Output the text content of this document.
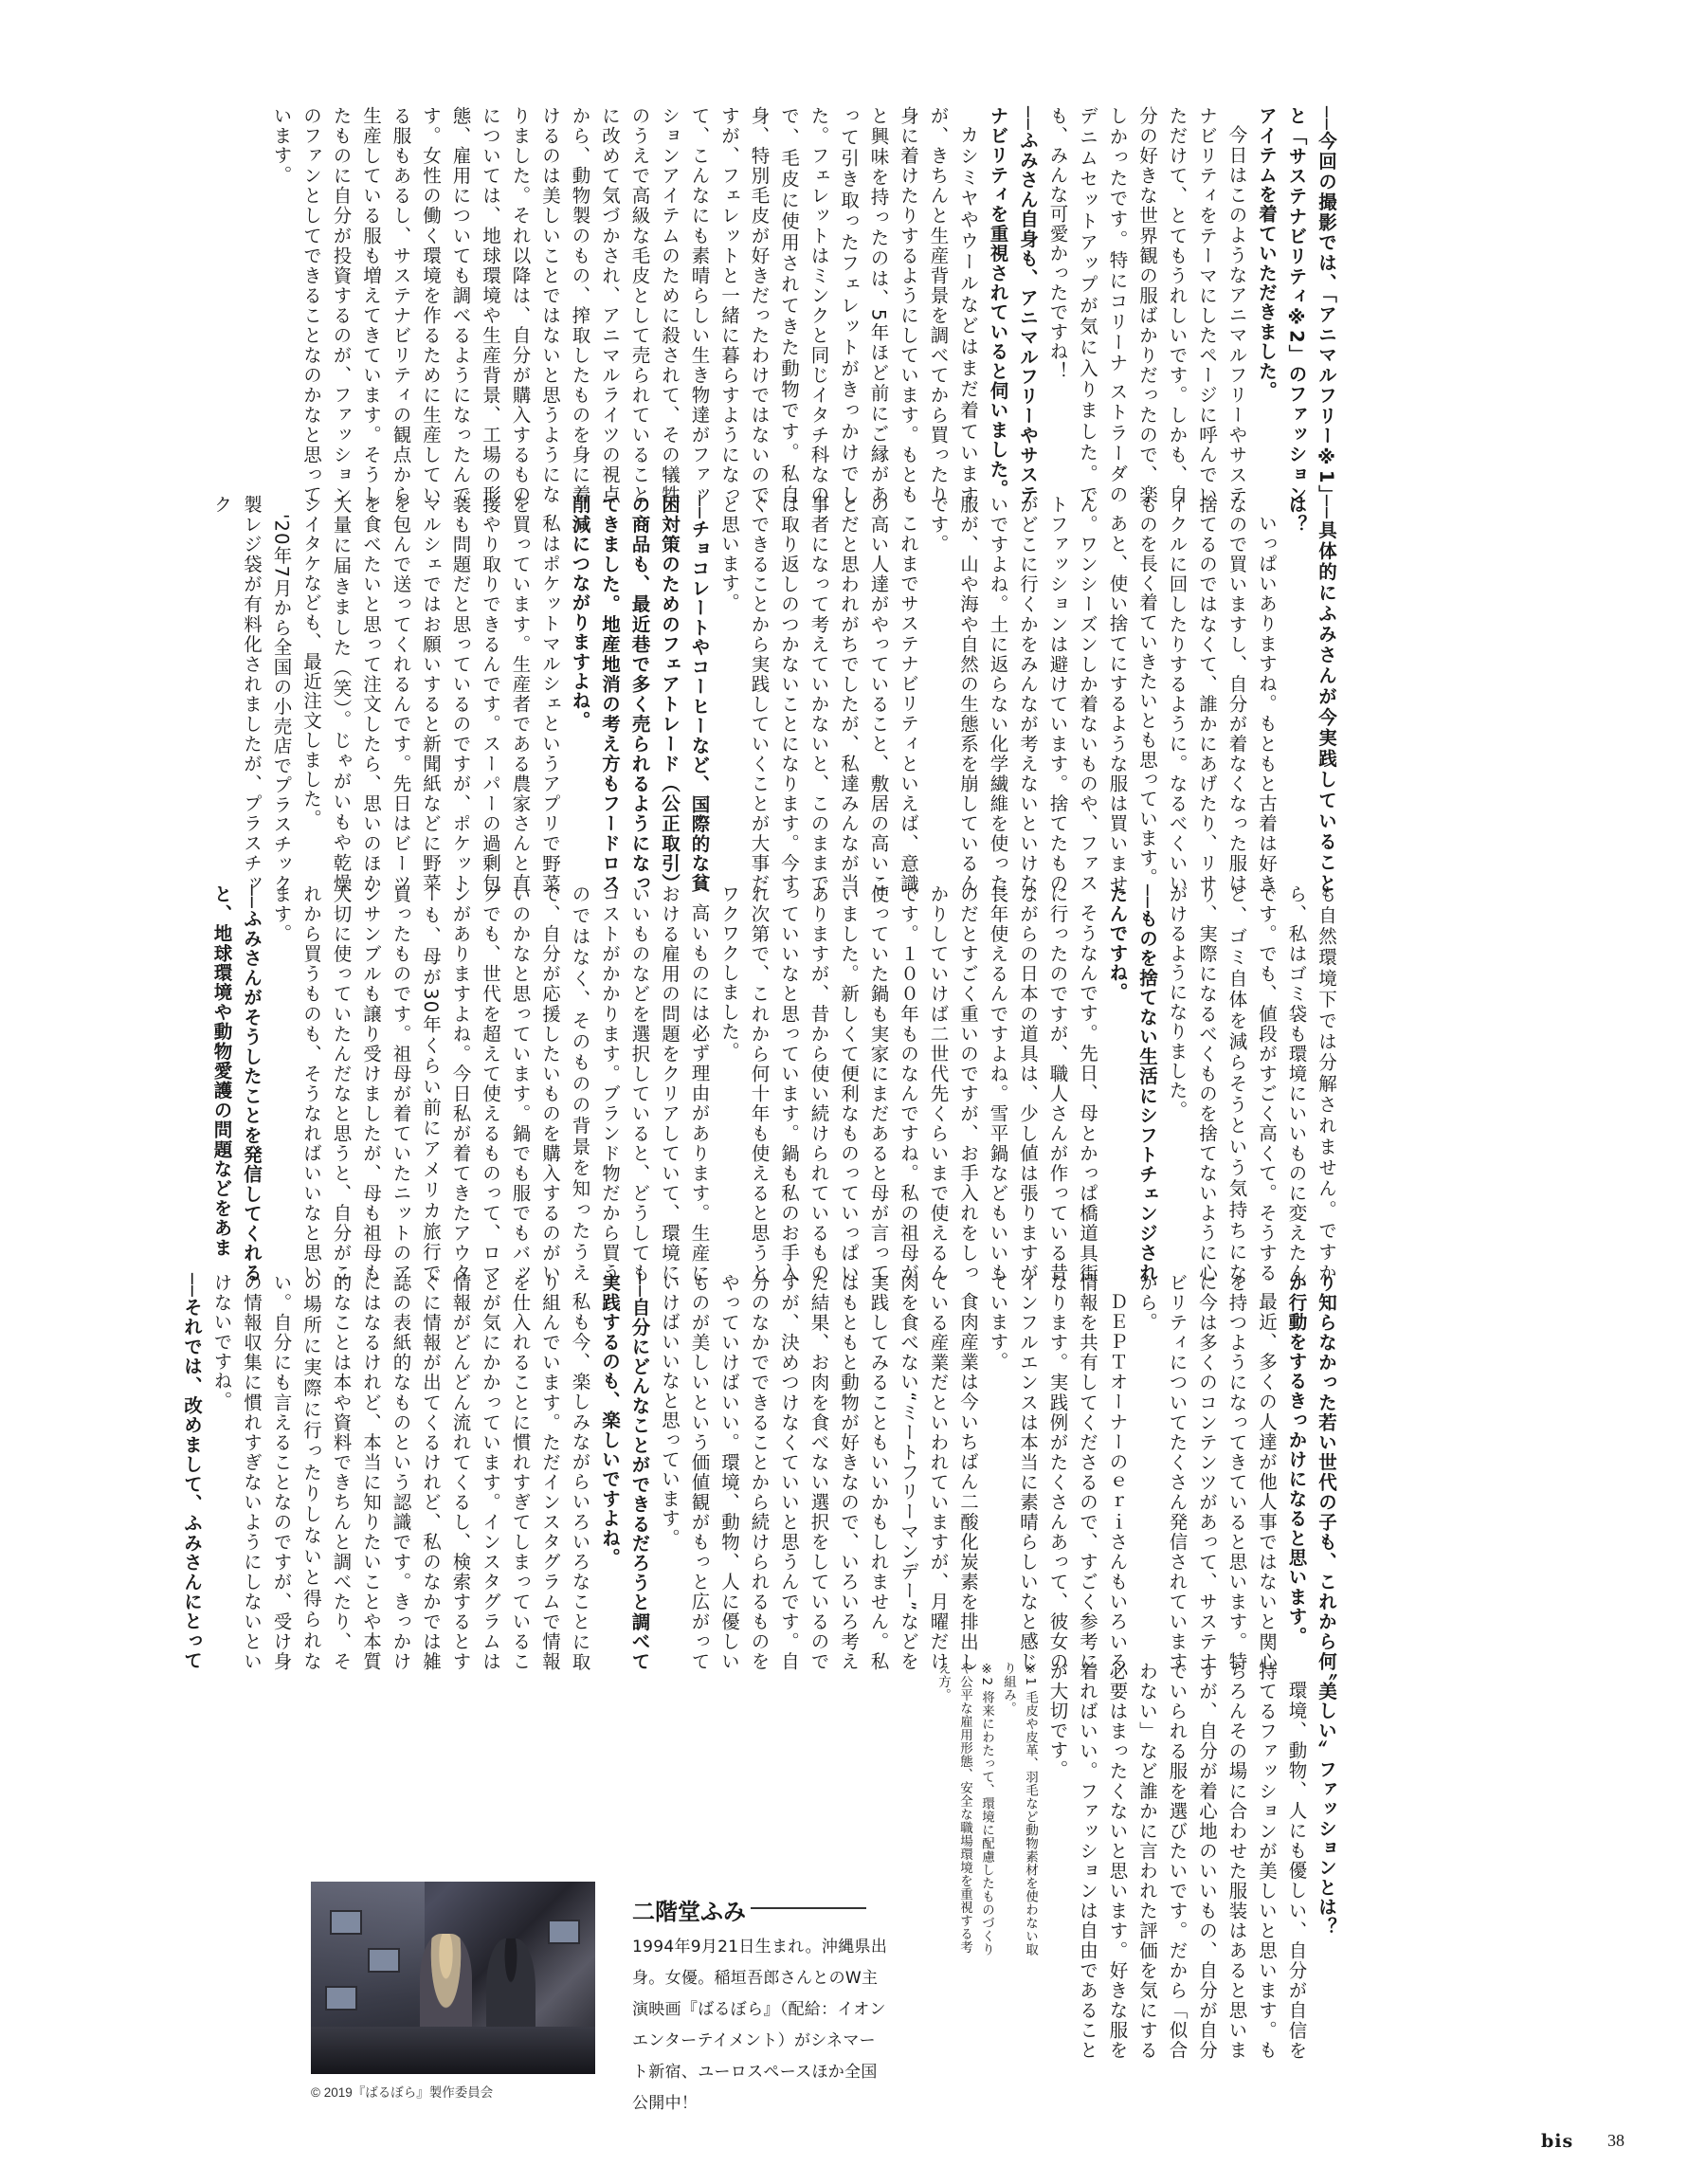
──今回の撮影では、「アニマルフリー※1」と「サステナビリティ※2」のファッションアイテムを着ていただきました。

今日はこのようなアニマルフリーやサステナビリティをテーマにしたページに呼んでいただけて、とてもうれしいです。しかも、自分の好きな世界観の服ばかりだったので、楽しかったです。特にコリーナ ストラーダのデニムセットアップが気に入りました。でも、みんな可愛かったですね！

──ふみさん自身も、アニマルフリーやサステナビリティを重視されていると伺いました。

カシミヤやウールなどはまだ着ていますが、きちんと生産背景を調べてから買ったり身に着けたりするようにしています。もともと興味を持ったのは、5年ほど前にご縁があって引き取ったフェレットがきっかけでした。フェレットはミンクと同じイタチ科なので、毛皮に使用されてきた動物です。私自身、特別毛皮が好きだったわけではないのですが、フェレットと一緒に暮らすようになって、こんなにも素晴らしい生き物達がファッションアイテムのために殺されて、その犠牲のうえで高級な毛皮として売られていることに改めて気づかされ、アニマルライツの視点から、動物製のもの、搾取したものを身に着けるのは美しいことではないと思うようになりました。それ以降は、自分が購入するものについては、地球環境や生産背景、工場の形態、雇用についても調べるようになったんです。女性の働く環境を作るために生産している服もあるし、サステナビリティの観点から生産している服も増えてきています。そうしたものに自分が投資するのが、ファッションのファンとしてできることなのかなと思っています。

──具体的にふみさんが今実践していることは？

いっぱいありますね。もともと古着は好きなので買いますし、自分が着なくなった服は捨てるのではなくて、誰かにあげたり、リサイクルに回したりするように。なるべくいいものを長く着ていきたいとも思っています。

あと、使い捨てにするような服は買いません。ワンシーズンしか着ないものや、ファストファッションは避けています。捨てたものがどこに行くかをみんなが考えないといけないですよね。土に返らない化学繊維を使った服が、山や海や自然の生態系を崩しているんです。

これまでサステナビリティといえば、意識の高い人達がやっていること、敷居の高いことだと思われがちでしたが、私達みんなが当事者になって考えていかないと、このままでは取り返しのつかないことになります。今すぐできることから実践していくことが大事だと思います。

──チョコレートやコーヒーなど、国際的な貧困対策のためのフェアトレード（公正取引）の商品も、最近巷で多く売られるようになってきました。地産地消の考え方もフードロス削減につながりますよね。

私はポケットマルシェというアプリで野菜を買っています。生産者である農家さんと直接やり取りできるんです。スーパーの過剰包装も問題だと思っているのですが、ポケットマルシェではお願いすると新聞紙などに野菜を包んで送ってくれるんです。先日はビーツを食べたいと思って注文したら、思いのほか大量に届きました（笑）。じゃがいもや乾燥シイタケなども、最近注文しました。

'20年7月から全国の小売店でプラスチック製レジ袋が有料化されましたが、プラスチック

も自然環境下では分解されません。ですから、私はゴミ袋も環境にいいものに変えたんです。でも、値段がすごく高くて。そうすると、ゴミ自体を減らそうという気持ちになり、実際になるべくものを捨てないように心がけるようになりました。

──ものを捨てない生活にシフトチェンジされたんですね。

そうなんです。先日、母とかっぱ橋道具街に行ったのですが、職人さんが作っている昔ながらの日本の道具は、少し値は張りますが長年使えるんですよね。雪平鍋などもいいものだとすごく重いのですが、お手入れをしっかりしていけば二世代先くらいまで使えるんです。１００年ものなんですね。私の祖母が使っていた鍋も実家にまだあると母が言っていました。新しくて便利なものっていっぱいありますが、昔から使い続けられているものっていいなと思っています。鍋も私のお手入れ次第で、これから何十年も使えると思うとワクワクしました。

高いものには必ず理由があります。生産における雇用の問題をクリアしていて、環境にいいものなどを選択していると、どうしてもコストがかかります。ブランド物だから買うのではなく、そのものの背景を知ったうえで、自分が応援したいものを購入するのがいいのかなと思っています。鍋でも服でもバッグでも、世代を超えて使えるものって、ロマンがありますよね。今日私が着てきたアウターも、母が30年くらい前にアメリカ旅行で買ったものです。祖母が着ていたニットのアンサンブルも譲り受けましたが、母も祖母も大切に使っていたんだなと思うと、自分がこれから買うものも、そうなればいいなと思います。

──ふみさんがそうしたことを発信してくれると、地球環境や動物愛護の問題などをあま

り知らなかった若い世代の子も、これから何か行動をするきっかけになると思います。

最近、多くの人達が他人事ではないと関心を持つようになってきていると思います。特に今は多くのコンテンツがあって、サステナビリティについてたくさん発信されていますから。

ＤＥＰＴオーナーのｅｒｉさんもいろいろ情報を共有してくださるので、すごく参考になります。実践例がたくさんあって、彼女のインフルエンスは本当に素晴らしいなと感じています。

食肉産業は今いちばん二酸化炭素を排出している産業だといわれていますが、月曜だけ肉を食べない“ミートフリーマンデー”などを実践してみることもいいかもしれません。私はもともと動物が好きなので、いろいろ考えた結果、お肉を食べない選択をしているのですが、決めつけなくていいと思うんです。自分のなかでできることから続けられるものをやっていけばいい。環境、動物、人に優しいものが美しいという価値観がもっと広がっていけばいいなと思っています。

──自分にどんなことができるだろうと調べて実践するのも、楽しいですよね。

私も今、楽しみながらいろいろなことに取り組んでいます。ただインスタグラムで情報を仕入れることに慣れすぎてしまっていることが気にかかっています。インスタグラムは情報がどんどん流れてくるし、検索するとすぐに情報が出てくるけれど、私のなかでは雑誌の表紙的なものという認識です。きっかけにはなるけれど、本当に知りたいことや本質的なことは本や資料できちんと調べたり、その場所に実際に行ったりしないと得られない。自分にも言えることなのですが、受け身の情報収集に慣れすぎないようにしないといけないですね。

──それでは、改めまして、ふみさんにとって

〝美しい〟ファッションとは？

環境、動物、人にも優しい、自分が自信を持てるファッションが美しいと思います。もちろんその場に合わせた服装はあると思いますが、自分が着心地のいいもの、自分が自分でいられる服を選びたいです。だから「似合わない」など誰かに言われた評価を気にする必要はまったくないと思います。好きな服を着ればいい。ファッションは自由であることが大切です。

※1 毛皮や皮革、羽毛など動物素材を使わない取り組み。

※2 将来にわたって、環境に配慮したものづくりや公平な雇用形態、安全な職場環境を重視する考え方。

© 2019『ばるぼら』製作委員会
二階堂ふみ
1994年9月21日生まれ。沖縄県出身。女優。稲垣吾郎さんとのW主演映画『ばるぼら』（配給：イオンエンターテイメント）がシネマート新宿、ユーロスペースほか全国公開中！
bis 38
